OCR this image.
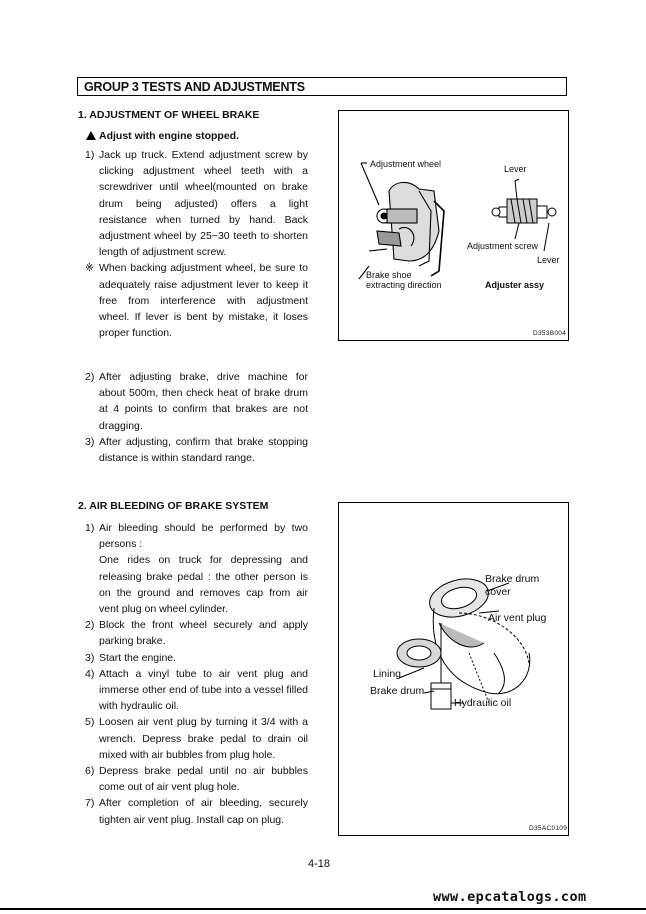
GROUP 3 TESTS AND ADJUSTMENTS
1. ADJUSTMENT OF WHEEL BRAKE
Adjust with engine stopped.
1) Jack up truck. Extend adjustment screw by clicking adjustment wheel teeth with a screwdriver until wheel(mounted on brake drum being adjusted) offers a light resistance when turned by hand. Back adjustment wheel by 25~30 teeth to shorten length of adjustment screw.

※ When backing adjustment wheel, be sure to adequately raise adjustment lever to keep it free from interference with adjustment wheel. If lever is bent by mistake, it loses proper function.

2) After adjusting brake, drive machine for about 500m, then check heat of brake drum at 4 points to confirm that brakes are not dragging.

3) After adjusting, confirm that brake stopping distance is within standard range.

Adjustment wheel	Lever
Adjustment screw
Lever
Brake shoe
extracting direction	Adjuster assy
D353B004
2. AIR BLEEDING OF BRAKE SYSTEM
1) Air bleeding should be performed by two persons :

One rides on truck for depressing and releasing brake pedal : the other person is on the ground and removes cap from air vent plug on wheel cylinder.

2) Block the front wheel securely and apply parking brake.

3) Start the engine.

4) Attach a vinyl tube to air vent plug and immerse other end of tube into a vessel filled with hydraulic oil.

5) Loosen air vent plug by turning it 3/4 with a wrench. Depress brake pedal to drain oil mixed with air bubbles from plug hole.

6) Depress brake pedal until no air bubbles come out of air vent plug hole.

7) After completion of air bleeding, securely tighten air vent plug. Install cap on plug.

Brake drum
cover
Air vent plug
Lining
Brake drum
Hydraulic oil
D35AC0109
4-18
www.epcatalogs.com
